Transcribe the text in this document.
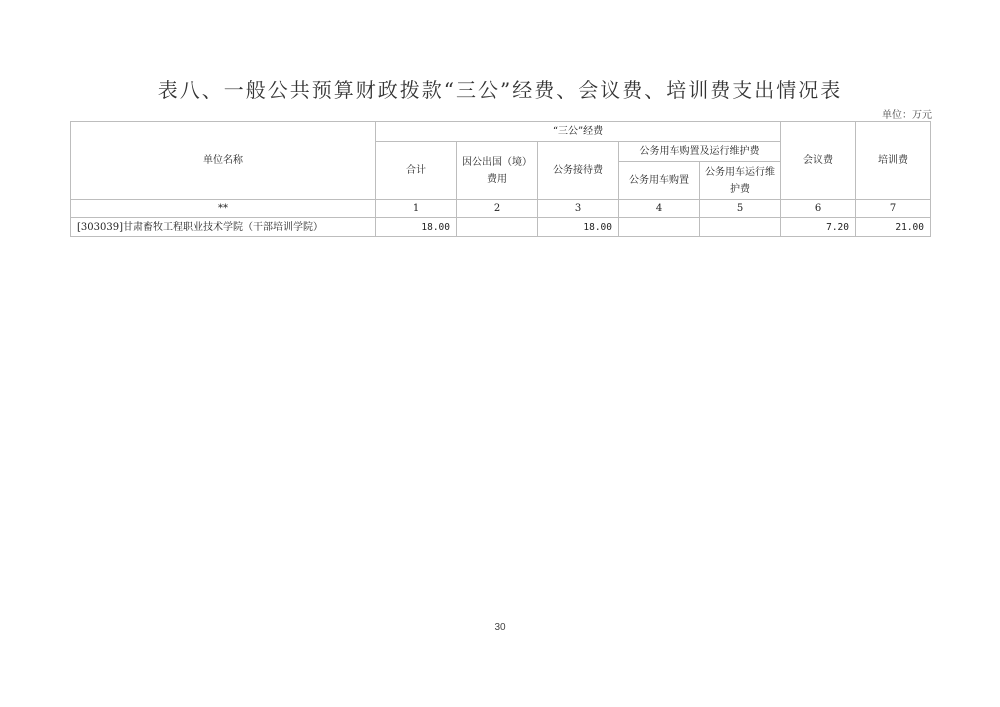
表八、一般公共预算财政拨款“三公”经费、会议费、培训费支出情况表
单位：万元
单位名称	“三公”经费					会议费	培训费
	合计	因公出国（境）费用	公务接待费	公务用车购置及运行维护费			
				公务用车购置	公务用车运行维护费		
**	1	2	3	4	5	6	7
[303039]甘肃畜牧工程职业技术学院（干部培训学院）	18.00		18.00			7.20	21.00
30
